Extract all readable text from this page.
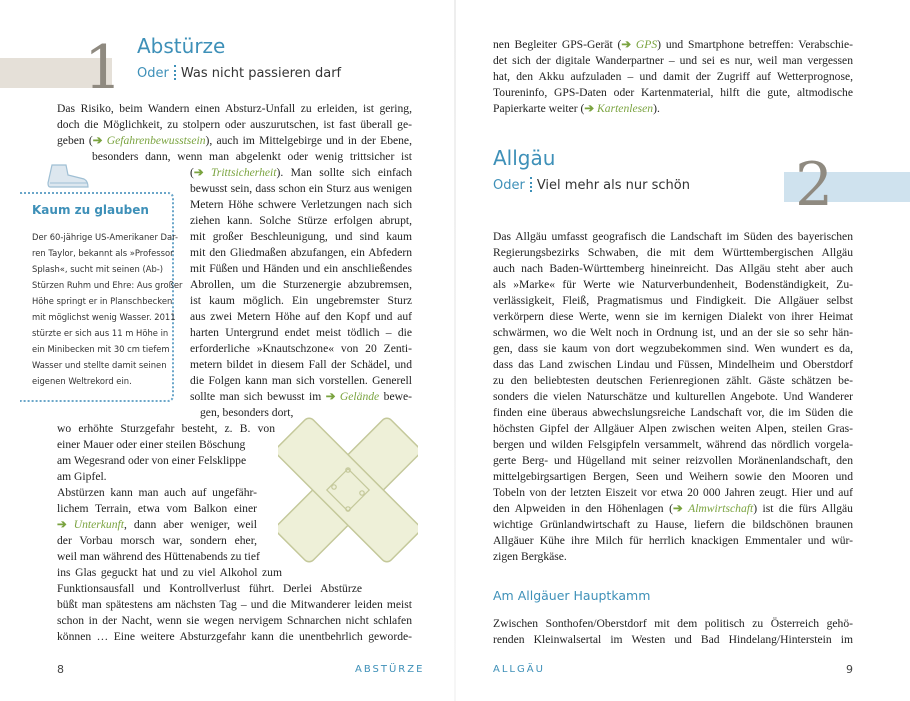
1 Abstürze
Oder Was nicht passieren darf
Das Risiko, beim Wandern einen Absturz-Unfall zu erleiden, ist gering,
doch die Möglichkeit, zu stolpern oder auszurutschen, ist fast überall ge-
geben (➔ Gefahrenbewusstsein), auch im Mittelgebirge und in der Ebene,
besonders dann, wenn man abgelenkt oder wenig trittsicher ist
(➔ Trittsicherheit). Man sollte sich einfach
bewusst sein, dass schon ein Sturz aus wenigen
Metern Höhe schwere Verletzungen nach sich
ziehen kann. Solche Stürze erfolgen abrupt,
mit großer Beschleunigung, und sind kaum
mit den Gliedmaßen abzufangen, ein Abfedern
mit Füßen und Händen und ein anschließendes
Abrollen, um die Sturzenergie abzubremsen,
ist kaum möglich. Ein ungebremster Sturz
aus zwei Metern Höhe auf den Kopf und auf
harten Untergrund endet meist tödlich – die
erforderliche »Knautschzone« von 20 Zenti-
metern bildet in diesem Fall der Schädel, und
die Folgen kann man sich vorstellen. Generell
sollte man sich bewusst im ➔ Gelände bewe-
gen, besonders dort,
wo erhöhte Sturzgefahr besteht, z. B. von
einer Mauer oder einer steilen Böschung
am Wegesrand oder von einer Felsklippe
am Gipfel.
Abstürzen kann man auch auf ungefähr-
lichem Terrain, etwa vom Balkon einer
➔ Unterkunft, dann aber weniger, weil
der Vorbau morsch war, sondern eher,
weil man während des Hüttenabends zu tief
ins Glas geguckt hat und zu viel Alkohol zum
Funktionsausfall und Kontrollverlust führt. Derlei Abstürze
büßt man spätestens am nächsten Tag – und die Mitwanderer leiden meist
schon in der Nacht, wenn sie wegen nervigem Schnarchen nicht schlafen
können … Eine weitere Absturzgefahr kann die unentbehrlich geworde-
Kaum zu glauben
Der 60-jährige US-Amerikaner Dar-
ren Taylor, bekannt als »Professor
Splash«, sucht mit seinen (Ab-)
Stürzen Ruhm und Ehre: Aus großer
Höhe springt er in Planschbecken
mit möglichst wenig Wasser. 2011
stürzte er sich aus 11 m Höhe in
ein Minibecken mit 30 cm tiefem
Wasser und stellte damit seinen
eigenen Weltrekord ein.
8	ABSTÜRZE
nen Begleiter GPS-Gerät (➔ GPS) und Smartphone betreffen: Verabschie-
det sich der digitale Wanderpartner – und sei es nur, weil man vergessen
hat, den Akku aufzuladen – und damit der Zugriff auf Wetterprognose,
Toureninfo, GPS-Daten oder Kartenmaterial, hilft die gute, altmodische
Papierkarte weiter (➔ Kartenlesen).
2
Allgäu
Oder Viel mehr als nur schön
Das Allgäu umfasst geografisch die Landschaft im Süden des bayerischen
Regierungsbezirks Schwaben, die mit dem Württembergischen Allgäu
auch nach Baden-Württemberg hineinreicht. Das Allgäu steht aber auch
als »Marke« für Werte wie Naturverbundenheit, Bodenständigkeit, Zu-
verlässigkeit, Fleiß, Pragmatismus und Findigkeit. Die Allgäuer selbst
verkörpern diese Werte, wenn sie im kernigen Dialekt von ihrer Heimat
schwärmen, wo die Welt noch in Ordnung ist, und an der sie so sehr hän-
gen, dass sie kaum von dort wegzubekommen sind. Wen wundert es da,
dass das Land zwischen Lindau und Füssen, Mindelheim und Oberstdorf
zu den beliebtesten deutschen Ferienregionen zählt. Gäste schätzen be-
sonders die vielen Naturschätze und kulturellen Angebote. Und Wanderer
finden eine überaus abwechslungsreiche Landschaft vor, die im Süden die
höchsten Gipfel der Allgäuer Alpen zwischen weiten Alpen, steilen Gras-
bergen und wilden Felsgipfeln versammelt, während das nördlich vorgela-
gerte Berg- und Hügelland mit seiner reizvollen Moränenlandschaft, den
mittelgebirgsartigen Bergen, Seen und Weihern sowie den Mooren und
Tobeln von der letzten Eiszeit vor etwa 20 000 Jahren zeugt. Hier und auf
den Alpweiden in den Höhenlagen (➔ Almwirtschaft) ist die fürs Allgäu
wichtige Grünlandwirtschaft zu Hause, liefern die bildschönen braunen
Allgäuer Kühe ihre Milch für herrlich knackigen Emmentaler und wür-
zigen Bergkäse.
Am Allgäuer Hauptkamm
Zwischen Sonthofen/Oberstdorf mit dem politisch zu Österreich gehö-
renden Kleinwalsertal im Westen und Bad Hindelang/Hinterstein im
ALLGÄU	9
